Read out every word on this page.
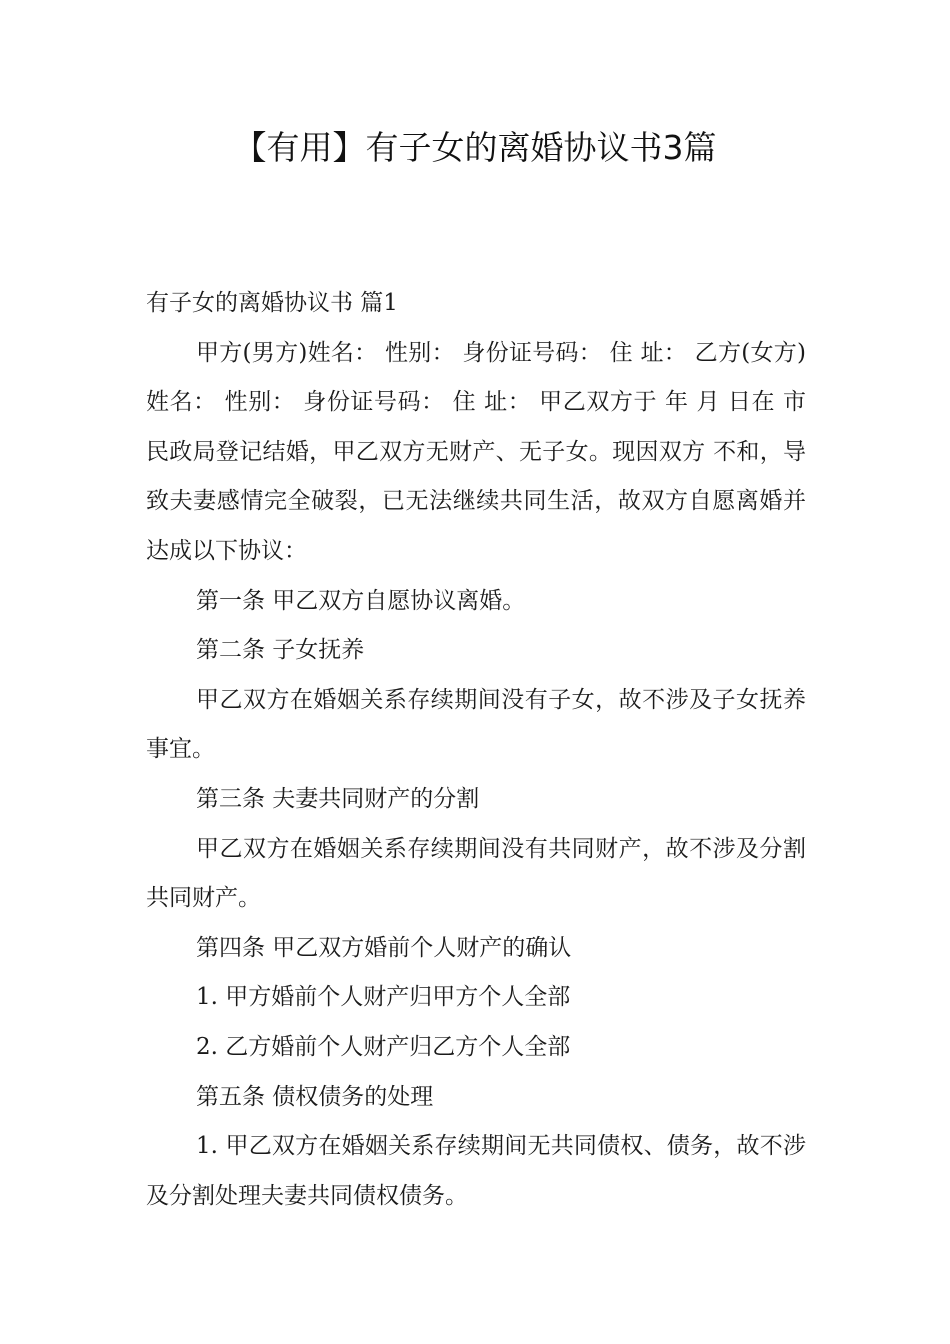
【有用】有子女的离婚协议书3篇

有子女的离婚协议书 篇1

甲方(男方)姓名： 性别： 身份证号码： 住 址： 乙方(女方)姓名： 性别： 身份证号码： 住 址： 甲乙双方于 年 月 日在 市民政局登记结婚，甲乙双方无财产、无子女。现因双方 不和，导致夫妻感情完全破裂，已无法继续共同生活，故双方自愿离婚并达成以下协议：

第一条 甲乙双方自愿协议离婚。

第二条 子女抚养

甲乙双方在婚姻关系存续期间没有子女，故不涉及子女抚养事宜。

第三条 夫妻共同财产的分割

甲乙双方在婚姻关系存续期间没有共同财产，故不涉及分割共同财产。

第四条 甲乙双方婚前个人财产的确认

1. 甲方婚前个人财产归甲方个人全部

2. 乙方婚前个人财产归乙方个人全部

第五条 债权债务的处理

1. 甲乙双方在婚姻关系存续期间无共同债权、债务，故不涉及分割处理夫妻共同债权债务。
